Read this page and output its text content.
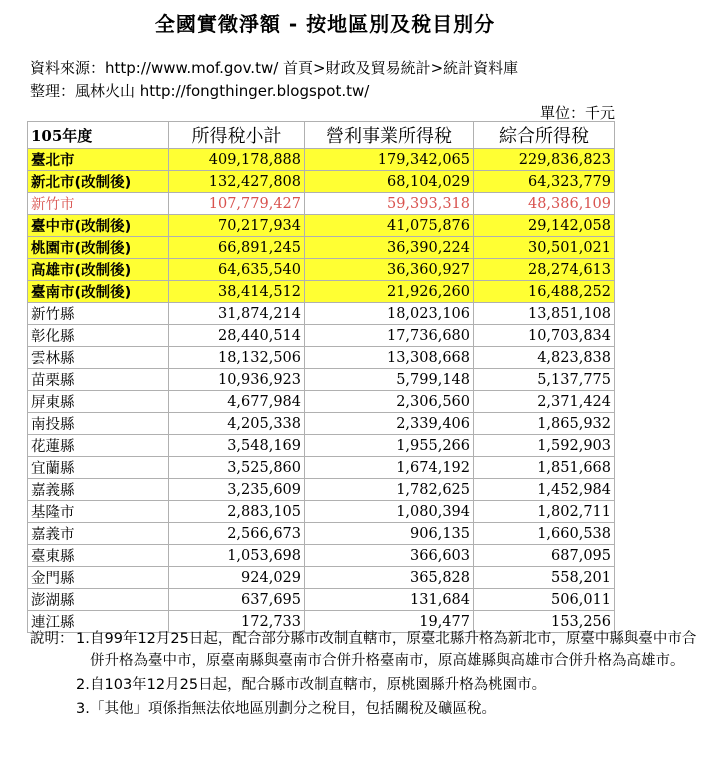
全國實徵淨額 - 按地區別及稅目別分
資料來源：http://www.mof.gov.tw/ 首頁>財政及貿易統計>統計資料庫
整理：風林火山 http://fongthinger.blogspot.tw/
單位：千元
105年度	所得稅小計	營利事業所得稅	綜合所得稅
臺北市	409,178,888	179,342,065	229,836,823
新北市(改制後)	132,427,808	68,104,029	64,323,779
新竹市	107,779,427	59,393,318	48,386,109
臺中市(改制後)	70,217,934	41,075,876	29,142,058
桃園市(改制後)	66,891,245	36,390,224	30,501,021
高雄市(改制後)	64,635,540	36,360,927	28,274,613
臺南市(改制後)	38,414,512	21,926,260	16,488,252
新竹縣	31,874,214	18,023,106	13,851,108
彰化縣	28,440,514	17,736,680	10,703,834
雲林縣	18,132,506	13,308,668	4,823,838
苗栗縣	10,936,923	5,799,148	5,137,775
屏東縣	4,677,984	2,306,560	2,371,424
南投縣	4,205,338	2,339,406	1,865,932
花蓮縣	3,548,169	1,955,266	1,592,903
宜蘭縣	3,525,860	1,674,192	1,851,668
嘉義縣	3,235,609	1,782,625	1,452,984
基隆市	2,883,105	1,080,394	1,802,711
嘉義市	2,566,673	906,135	1,660,538
臺東縣	1,053,698	366,603	687,095
金門縣	924,029	365,828	558,201
澎湖縣	637,695	131,684	506,011
連江縣	172,733	19,477	153,256
說明： 1. 自99年12月25日起，配合部分縣市改制直轄市，原臺北縣升格為新北市，原臺中縣與臺中市合併升格為臺中市，原臺南縣與臺南市合併升格臺南市，原高雄縣與高雄市合併升格為高雄市。
2. 自103年12月25日起，配合縣市改制直轄市，原桃園縣升格為桃園市。
3. 「其他」項係指無法依地區別劃分之稅目，包括關稅及礦區稅。
